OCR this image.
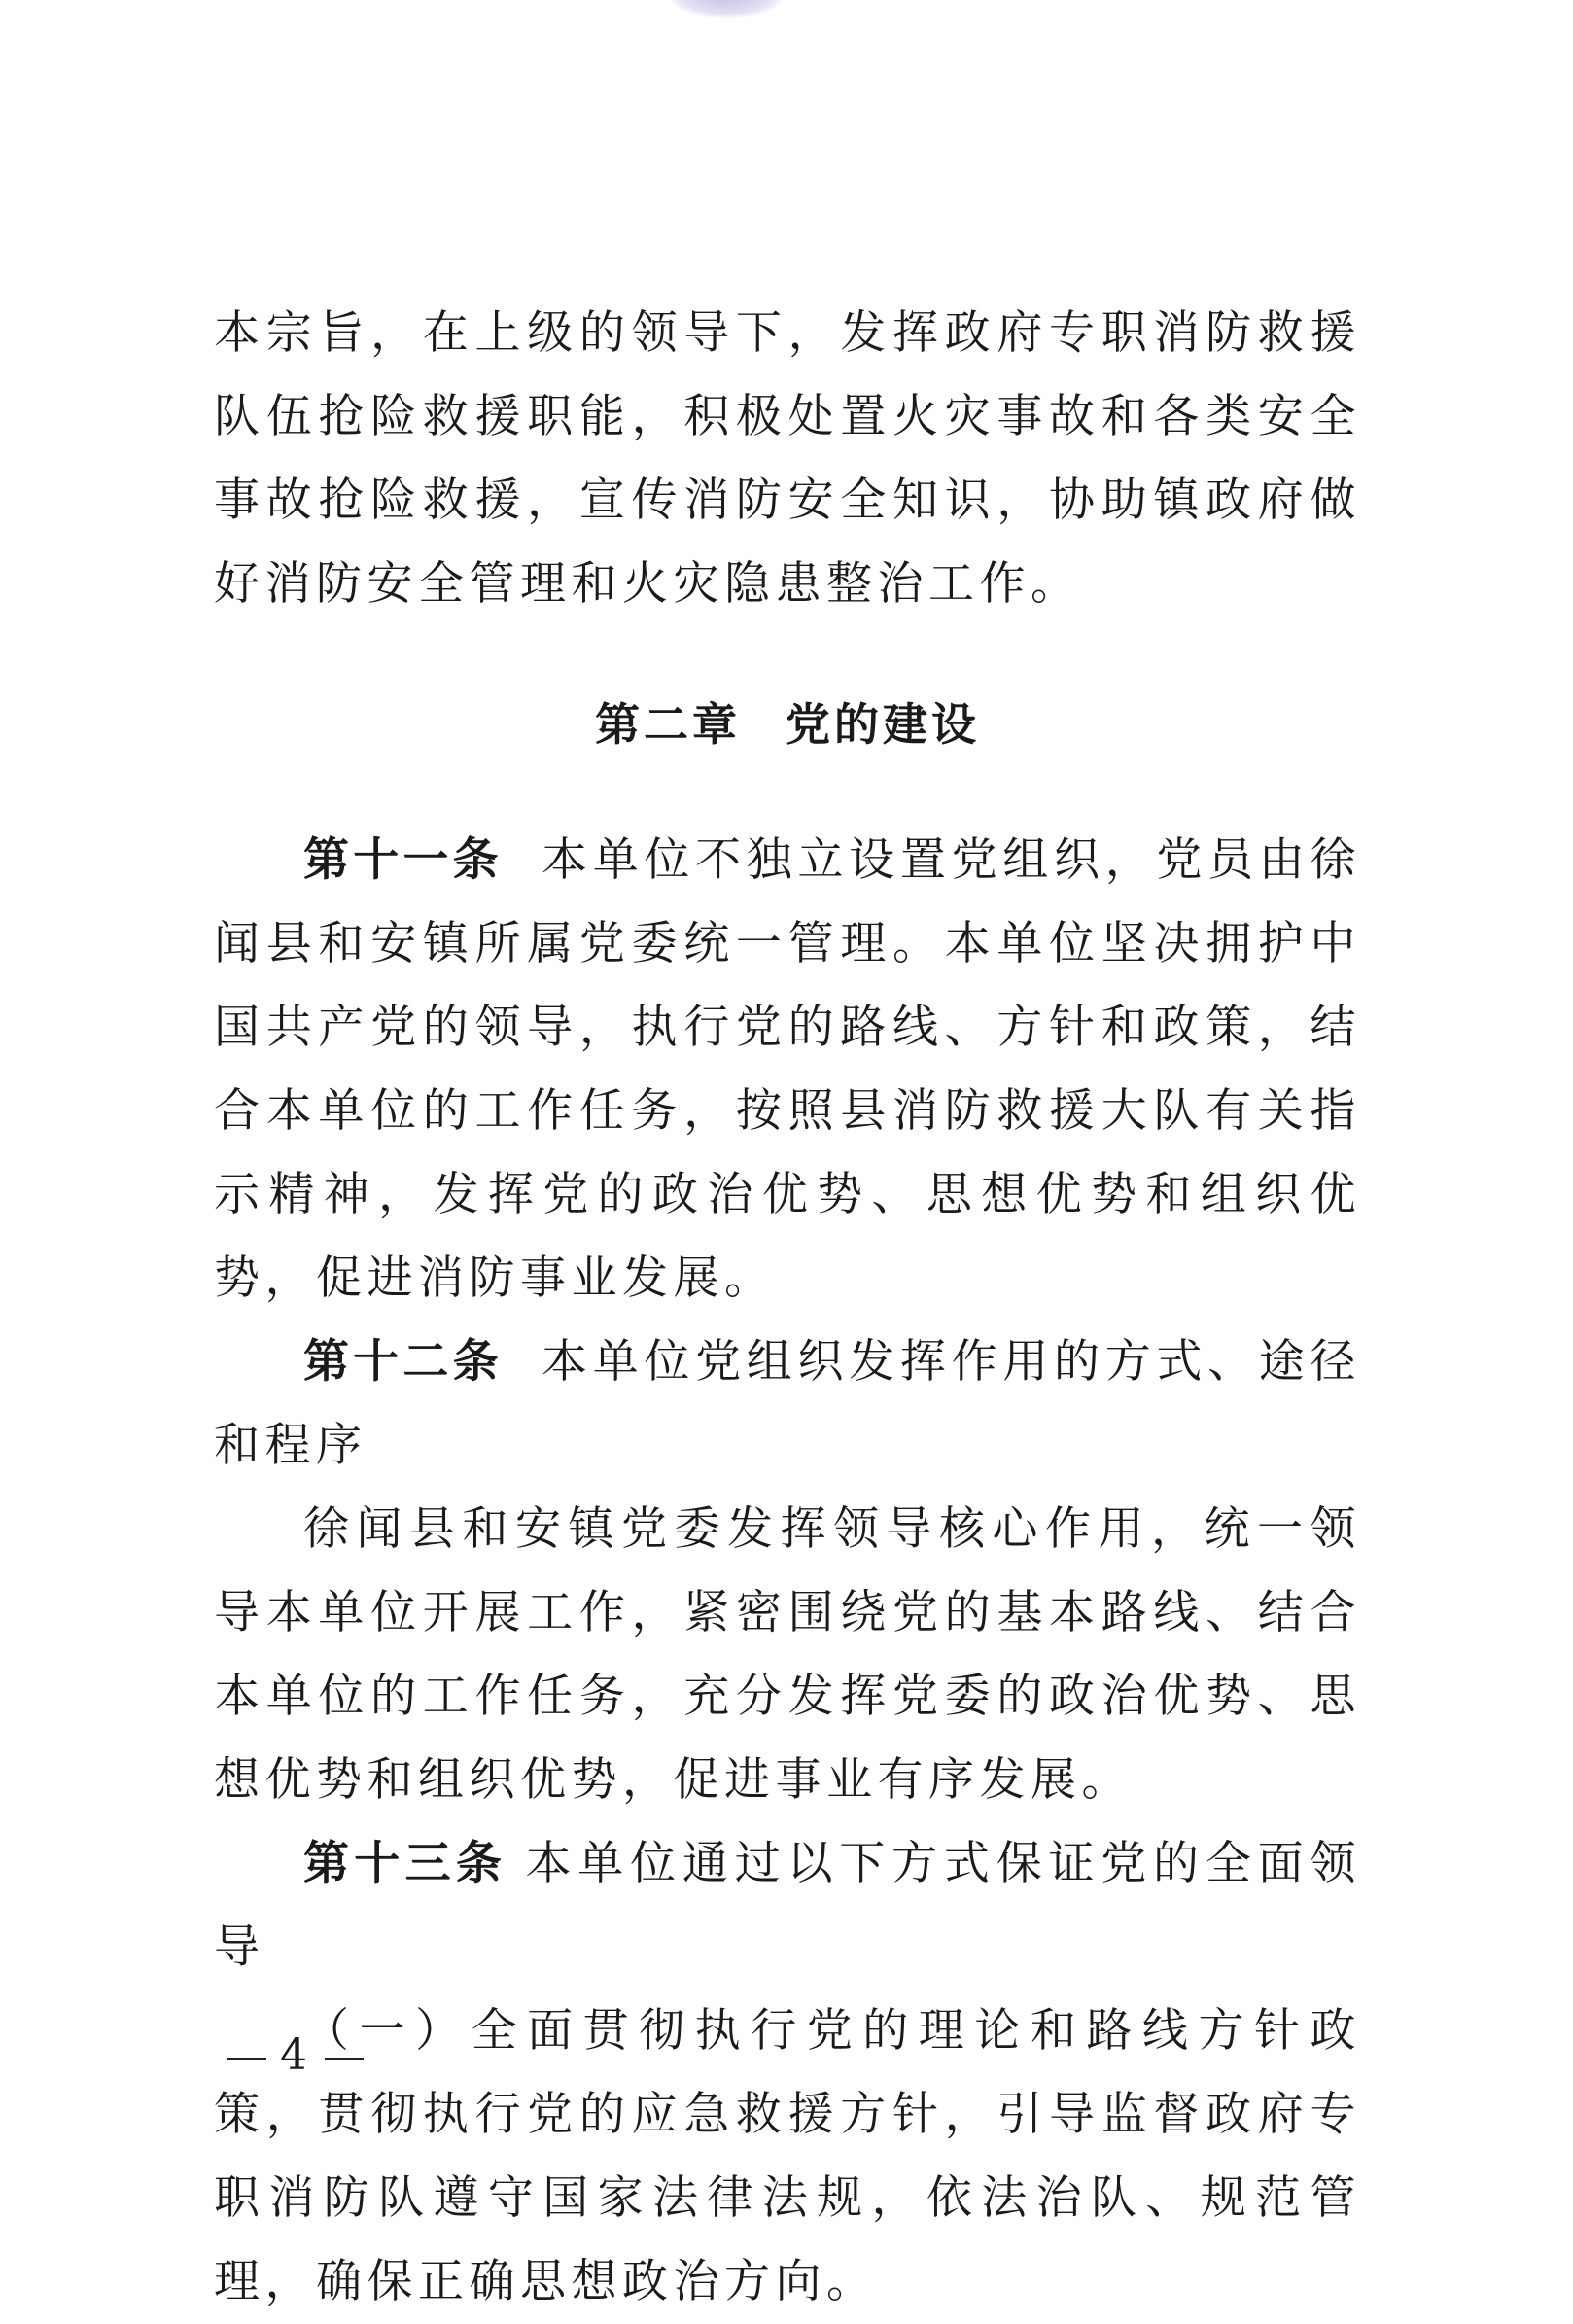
本宗旨，在上级的领导下，发挥政府专职消防救援队伍抢险救援职能，积极处置火灾事故和各类安全事故抢险救援，宣传消防安全知识，协助镇政府做好消防安全管理和火灾隐患整治工作。

第二章 党的建设

第十一条 本单位不独立设置党组织，党员由徐闻县和安镇所属党委统一管理。本单位坚决拥护中国共产党的领导，执行党的路线、方针和政策，结合本单位的工作任务，按照县消防救援大队有关指示精神，发挥党的政治优势、思想优势和组织优势，促进消防事业发展。

第十二条 本单位党组织发挥作用的方式、途径和程序

徐闻县和安镇党委发挥领导核心作用，统一领导本单位开展工作，紧密围绕党的基本路线、结合本单位的工作任务，充分发挥党委的政治优势、思想优势和组织优势，促进事业有序发展。

第十三条 本单位通过以下方式保证党的全面领导

（一）全面贯彻执行党的理论和路线方针政策，贯彻执行党的应急救援方针，引导监督政府专职消防队遵守国家法律法规，依法治队、规范管理，确保正确思想政治方向。

4
